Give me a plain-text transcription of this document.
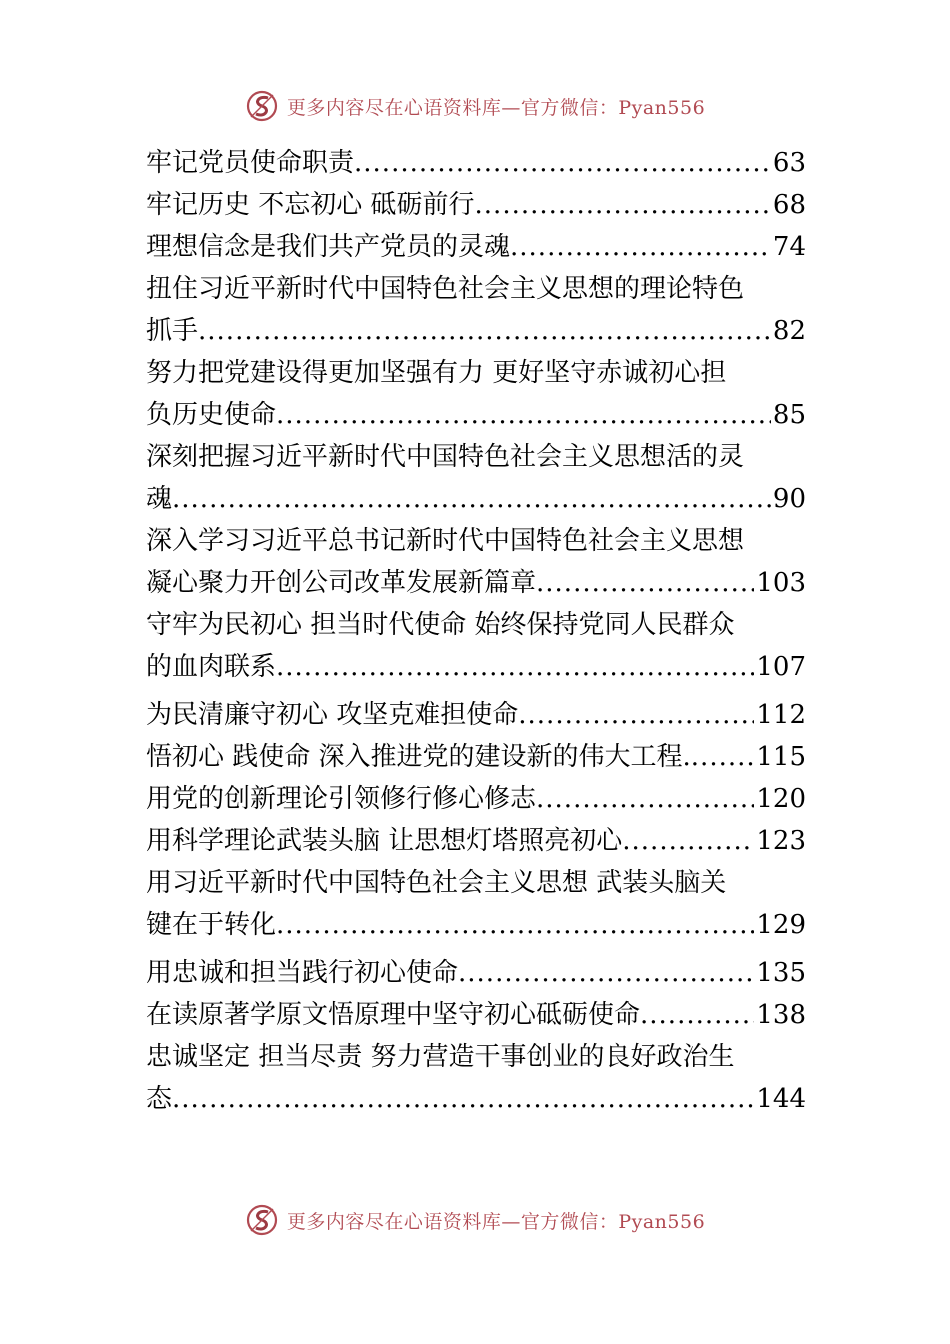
更多内容尽在心语资料库—官方微信：Pyan556
牢记党员使命职责 .....	63
牢记历史 不忘初心 砥砺前行 .....	68
理想信念是我们共产党员的灵魂 .....	74
扭住习近平新时代中国特色社会主义思想的理论特色
抓手 .....	82
努力把党建设得更加坚强有力 更好坚守赤诚初心担
负历史使命 .....	85
深刻把握习近平新时代中国特色社会主义思想活的灵
魂 .....	90
深入学习习近平总书记新时代中国特色社会主义思想
凝心聚力开创公司改革发展新篇章 .....	103
守牢为民初心 担当时代使命 始终保持党同人民群众
的血肉联系 .....	107
为民清廉守初心 攻坚克难担使命 .....	112
悟初心 践使命 深入推进党的建设新的伟大工程. .....	115
用党的创新理论引领修行修心修志 .....	120
用科学理论武装头脑 让思想灯塔照亮初心 .....	123
用习近平新时代中国特色社会主义思想 武装头脑关
键在于转化 .....	129
用忠诚和担当践行初心使命 .....	135
在读原著学原文悟原理中坚守初心砥砺使命 .....	138
忠诚坚定 担当尽责 努力营造干事创业的良好政治生
态 .....	144
更多内容尽在心语资料库—官方微信：Pyan556
